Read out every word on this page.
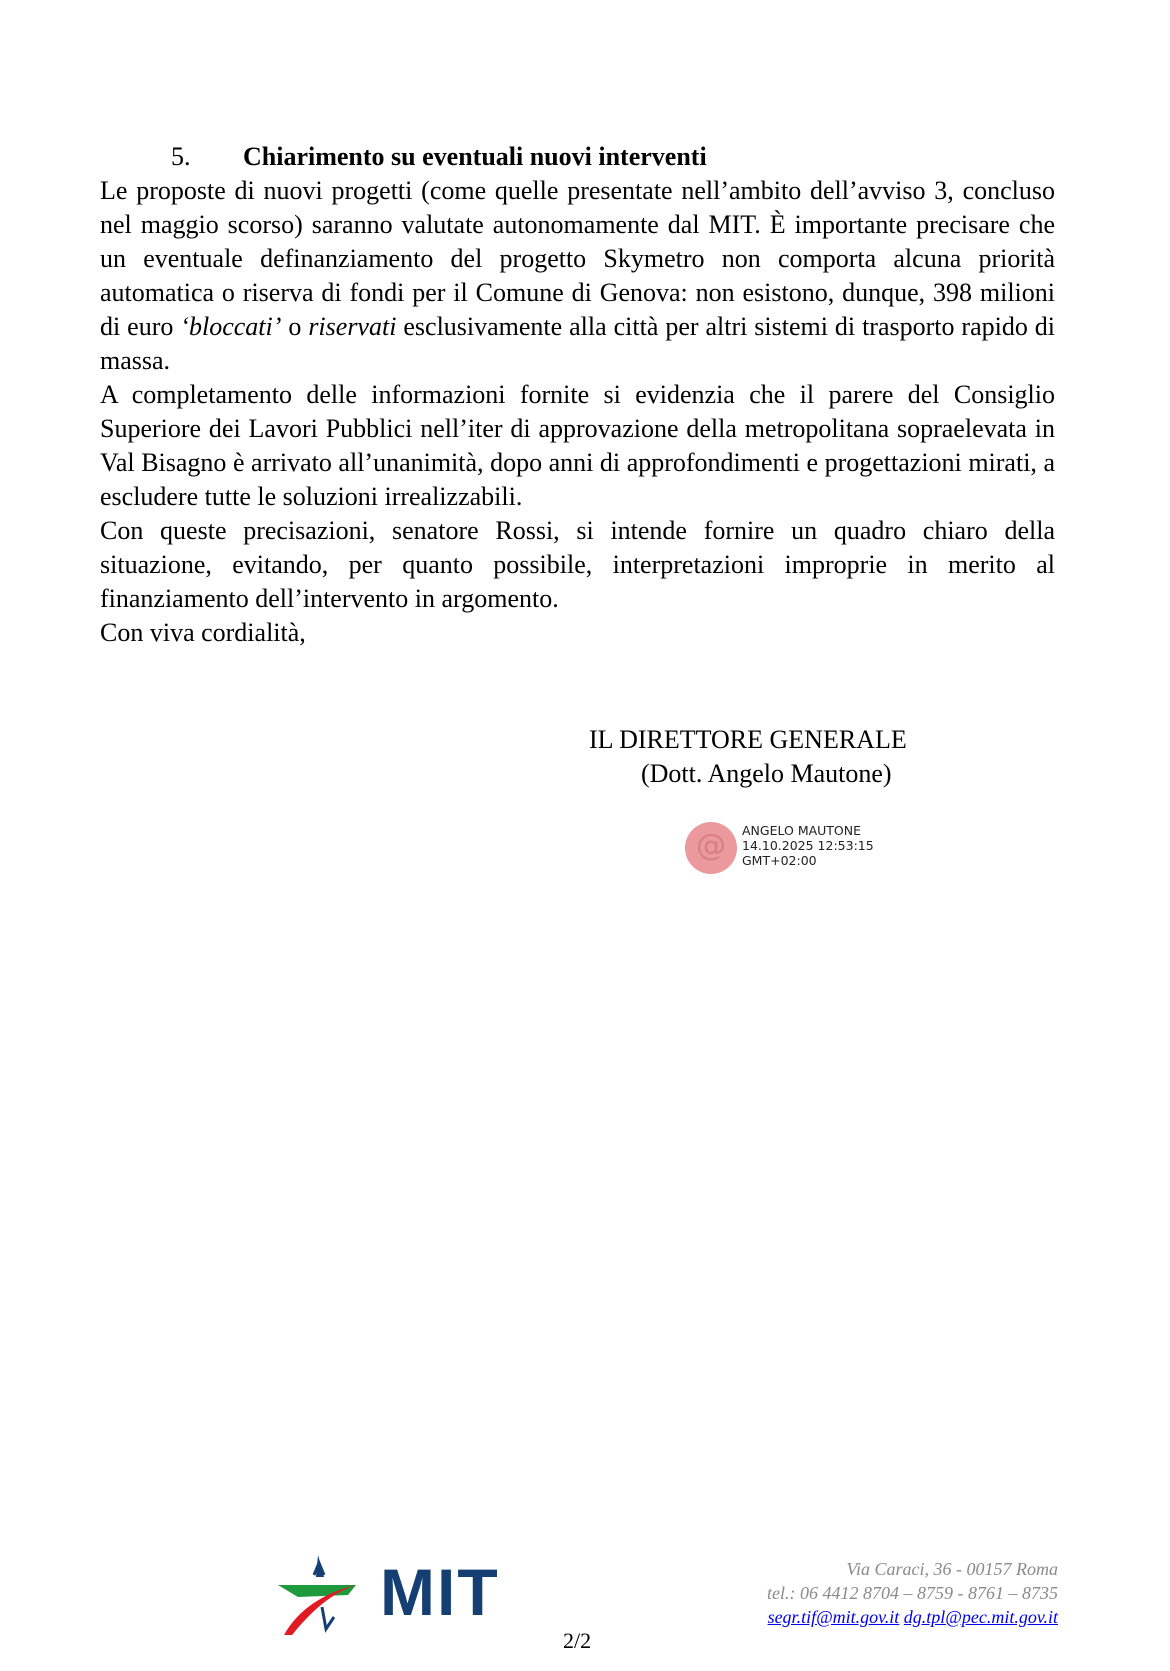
5. Chiarimento su eventuali nuovi interventi

Le proposte di nuovi progetti (come quelle presentate nell’ambito dell’avviso 3, concluso nel maggio scorso) saranno valutate autonomamente dal MIT. È importante precisare che un eventuale definanziamento del progetto Skymetro non comporta alcuna priorità automatica o riserva di fondi per il Comune di Genova: non esistono, dunque, 398 milioni di euro ‘bloccati’ o riservati esclusivamente alla città per altri sistemi di trasporto rapido di massa.

A completamento delle informazioni fornite si evidenzia che il parere del Consiglio Superiore dei Lavori Pubblici nell’iter di approvazione della metropolitana sopraelevata in Val Bisagno è arrivato all’unanimità, dopo anni di approfondimenti e progettazioni mirati, a escludere tutte le soluzioni irrealizzabili.

Con queste precisazioni, senatore Rossi, si intende fornire un quadro chiaro della situazione, evitando, per quanto possibile, interpretazioni improprie in merito al finanziamento dell’intervento in argomento.

Con viva cordialità,

IL DIRETTORE GENERALE
(Dott. Angelo Mautone)
@	ANGELO MAUTONE
14.10.2025 12:53:15
GMT+02:00
MIT	Via Caraci, 36 - 00157 Roma
tel.: 06 4412 8704 – 8759 - 8761 – 8735
segr.tif@mit.gov.it dg.tpl@pec.mit.gov.it
2/2
